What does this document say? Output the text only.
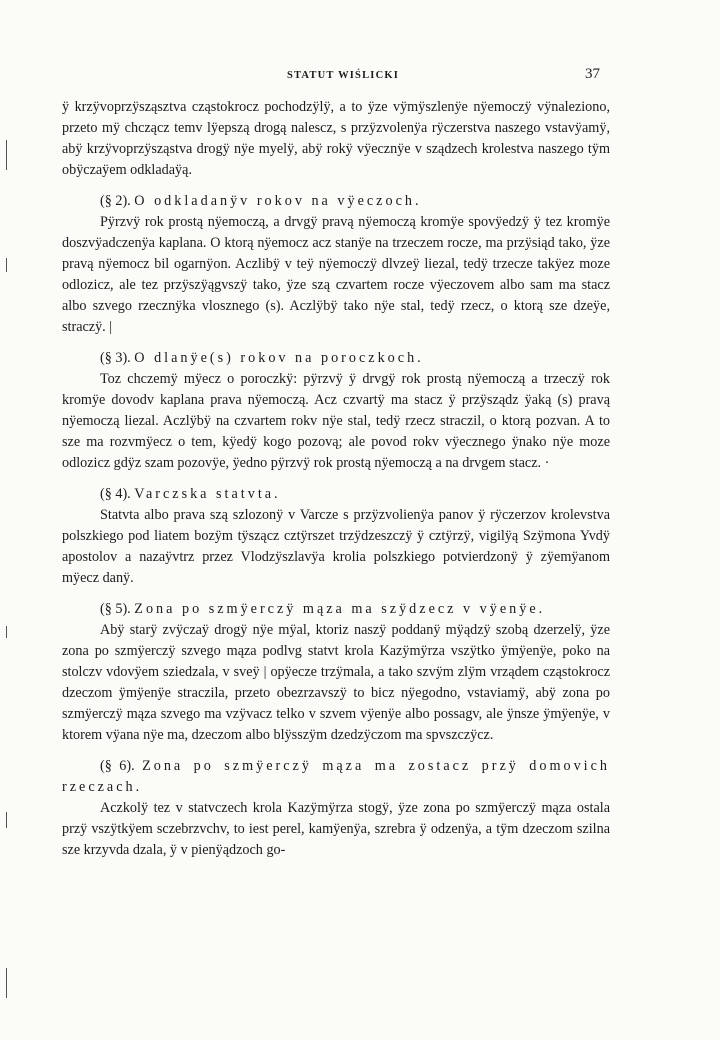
STATUT WIŚLICKI	37

ÿ krzÿvoprzÿsząsztva cząstokrocz pochodzÿlÿ, a to ÿze vÿmÿszlenÿe nÿemoczÿ vÿnaleziono, przeto mÿ chcząсz temv lÿepszą drogą nalescz, s przÿzvolenÿa rÿczerstva naszego vstavÿamÿ, abÿ krzÿvoprzÿsząstva drogÿ nÿe myelÿ, abÿ rokÿ vÿecznÿe v sządzech krolestva naszego tÿm obÿczaÿem odkladaÿą.

(§ 2). O odkladanÿv rokov na vÿeczoch.

Pÿrzvÿ rok prostą nÿemoczą, a drvgÿ pravą nÿemoczą kromÿe spovÿedzÿ ÿ tez kromÿe doszvÿadczenÿa kaplana. O ktorą nÿemocz acz stanÿe na trzeczem rocze, ma przÿsiąd tako, ÿze pravą nÿemocz bil ogarnÿon. Aczlibÿ v teÿ nÿemoczÿ dlvzeÿ liezal, tedÿ trzecze takÿez moze odlozicz, ale tez przÿszÿągvszÿ tako, ÿze szą czvartem rocze vÿeczovem albo sam ma stacz albo szvego rzecznÿka vlosznego (s). Aczlÿbÿ tako nÿe stal, tedÿ rzecz, o ktorą sze dzeÿe, straczÿ. |

(§ 3). O dlanÿe(s) rokov na poroczkoch.

Toz chczemÿ mÿecz o poroczkÿ: pÿrzvÿ ÿ drvgÿ rok prostą nÿemoczą a trzeczÿ rok kromÿe dovodv kaplana prava nÿemoczą. Acz czvartÿ ma stacz ÿ przÿsządz ÿaką (s) pravą nÿemoczą liezal. Aczlÿbÿ na czvartem rokv nÿe stal, tedÿ rzecz straczil, o ktorą pozvan. A to sze ma rozvmÿecz o tem, kÿedÿ kogo pozovą; ale povod rokv vÿecznego ÿnako nÿe moze odlozicz gdÿz szam pozovÿe, ÿedno pÿrzvÿ rok prostą nÿemoczą a na drvgem stacz. ·

(§ 4). Varczska statvta.

Statvta albo prava szą szlozonÿ v Varcze s przÿzvolienÿa panov ÿ rÿczerzov krolevstva polszkiego pod liatem bozÿm tÿsząсz cztÿrszet trzÿdzeszczÿ ÿ cztÿrzÿ, vigilÿą Szÿmona Yvdÿ apostolov a nazaÿvtrz przez Vlodzÿszlavÿa krolia polszkiego potvierdzonÿ ÿ zÿemÿanom mÿecz danÿ.

(§ 5). Zona po szmÿerczÿ mąza ma szÿdzecz v vÿenÿe.

Abÿ starÿ zvÿczaÿ drogÿ nÿe mÿal, ktoriz naszÿ poddanÿ mÿądzÿ szobą dzerzelÿ, ÿze zona po szmÿerczÿ szvego mąza podlvg statvt krola Kazÿmÿrza vszÿtko ÿmÿenÿe, poko na stolczv vdovÿem sziedzala, v sveÿ | opÿecze trzÿmala, a tako szvÿm zlÿm vrządem cząstokrocz dzeczom ÿmÿenÿe straczila, przeto obezrzavszÿ to bicz nÿegodno, vstaviamÿ, abÿ zona po szmÿerczÿ mąza szvego ma vzÿvacz telko v szvem vÿenÿe albo possagv, ale ÿnsze ÿmÿenÿe, v ktorem vÿana nÿe ma, dzeczom albo blÿsszÿm dzedzÿczom ma spvszczÿcz.

(§ 6). Zona po szmÿerczÿ mąza ma zostacz przÿ domovich rzeczach.

Aczkolÿ tez v statvczech krola Kazÿmÿrza stogÿ, ÿze zona po szmÿerczÿ mąza ostala przÿ vszÿtkÿem sczebrzvchv, to iest perel, kamÿenÿa, szrebra ÿ odzenÿa, a tÿm dzeczom szilna sze krzyvda dzala, ÿ v pienÿądzoch go-
